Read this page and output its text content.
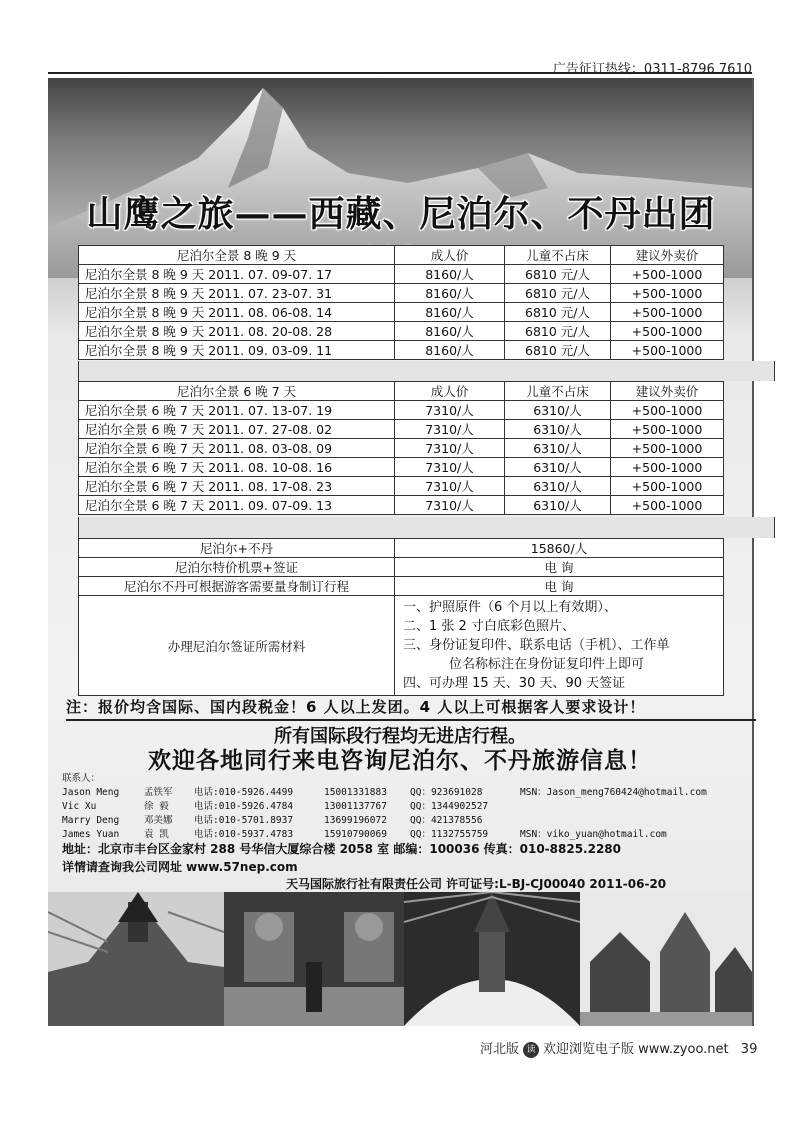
广告征订热线：0311-8796 7610
山鹰之旅——西藏、尼泊尔、不丹出团
尼泊尔全景 8 晚 9 天	成人价	儿童不占床	建议外卖价
尼泊尔全景 8 晚 9 天 2011. 07. 09-07. 17	8160/人	6810 元/人	+500-1000
尼泊尔全景 8 晚 9 天 2011. 07. 23-07. 31	8160/人	6810 元/人	+500-1000
尼泊尔全景 8 晚 9 天 2011. 08. 06-08. 14	8160/人	6810 元/人	+500-1000
尼泊尔全景 8 晚 9 天 2011. 08. 20-08. 28	8160/人	6810 元/人	+500-1000
尼泊尔全景 8 晚 9 天 2011. 09. 03-09. 11	8160/人	6810 元/人	+500-1000
尼泊尔全景 6 晚 7 天	成人价	儿童不占床	建议外卖价
尼泊尔全景 6 晚 7 天 2011. 07. 13-07. 19	7310/人	6310/人	+500-1000
尼泊尔全景 6 晚 7 天 2011. 07. 27-08. 02	7310/人	6310/人	+500-1000
尼泊尔全景 6 晚 7 天 2011. 08. 03-08. 09	7310/人	6310/人	+500-1000
尼泊尔全景 6 晚 7 天 2011. 08. 10-08. 16	7310/人	6310/人	+500-1000
尼泊尔全景 6 晚 7 天 2011. 08. 17-08. 23	7310/人	6310/人	+500-1000
尼泊尔全景 6 晚 7 天 2011. 09. 07-09. 13	7310/人	6310/人	+500-1000
尼泊尔+不丹	15860/人
尼泊尔特价机票+签证	电 询
尼泊尔不丹可根据游客需要量身制订行程	电 询
办理尼泊尔签证所需材料	一、护照原件（6 个月以上有效期）、
二、1 张 2 寸白底彩色照片、
三、身份证复印件、联系电话（手机）、工作单
位名称标注在身份证复印件上即可
四、可办理 15 天、30 天、90 天签证
注：报价均含国际、国内段税金！6 人以上发团。4 人以上可根据客人要求设计！
所有国际段行程均无进店行程。
欢迎各地同行来电咨询尼泊尔、不丹旅游信息！
联系人：
Jason Meng	孟铁军 电话:010-5926.4499	15001331883 QQ：923691028	MSN：Jason_meng760424@hotmail.com
Vic Xu	徐 毅	电话:010-5926.4784	13001137767 QQ：1344902527
Marry Deng	邓美娜 电话:010-5701.8937	13699196072 QQ：421378556
James Yuan	袁 凯	电话:010-5937.4783	15910790069 QQ：1132755759	MSN：viko_yuan@hotmail.com
地址：北京市丰台区金家村 288 号华信大厦综合楼 2058 室 邮编：100036 传真：010-8825.2280
详情请查询我公司网址 www.57nep.com
天马国际旅行社有限责任公司 许可证号:L-BJ-CJ00040 2011-06-20
河北版 读 欢迎浏览电子版 www.zyoo.net 39
